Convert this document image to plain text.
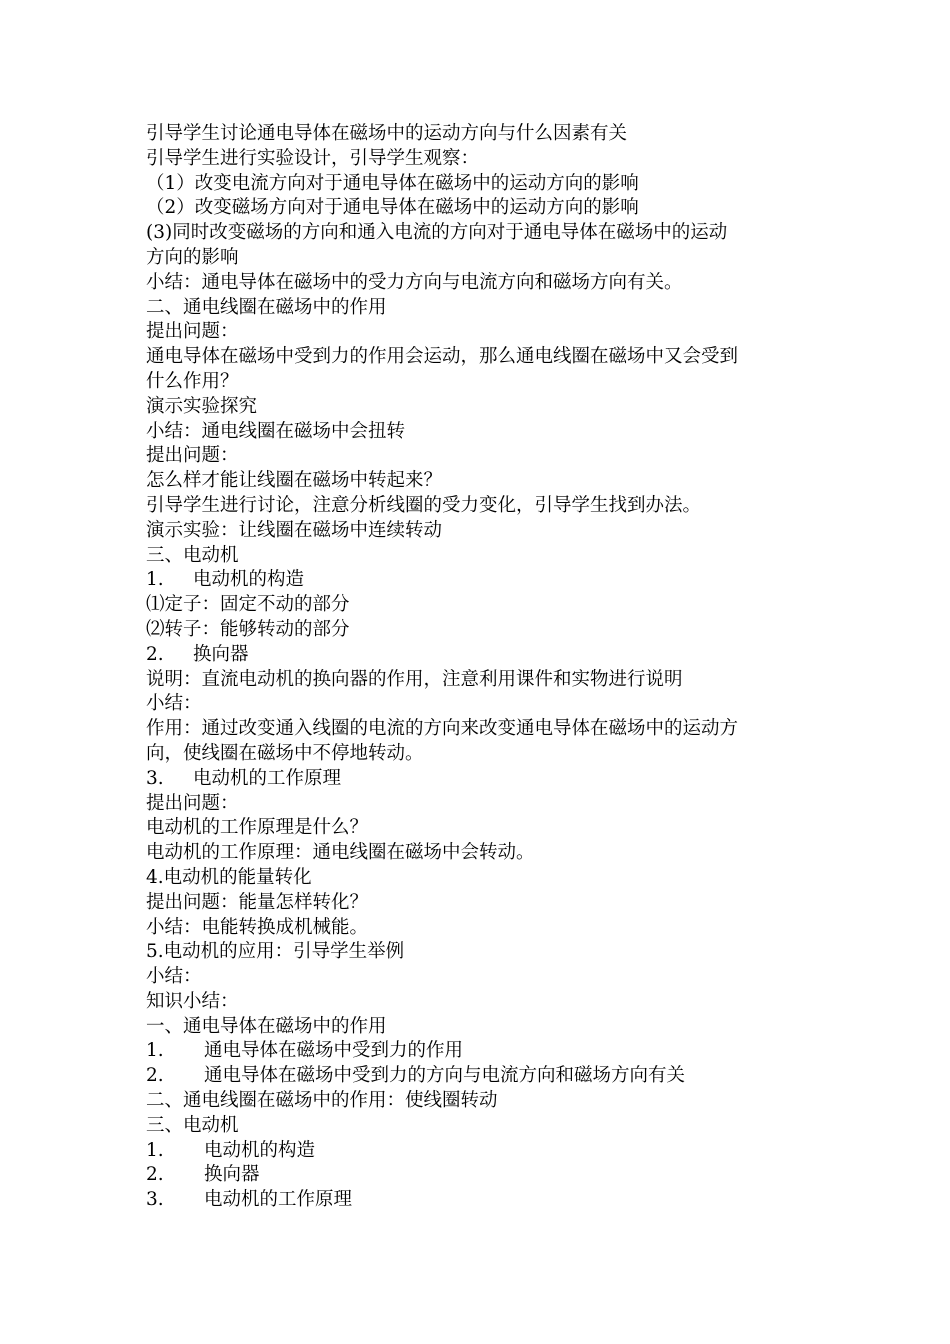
引导学生讨论通电导体在磁场中的运动方向与什么因素有关
引导学生进行实验设计，引导学生观察：
（1）改变电流方向对于通电导体在磁场中的运动方向的影响
（2）改变磁场方向对于通电导体在磁场中的运动方向的影响
(3)同时改变磁场的方向和通入电流的方向对于通电导体在磁场中的运动
方向的影响
小结：通电导体在磁场中的受力方向与电流方向和磁场方向有关。
二、通电线圈在磁场中的作用
提出问题：
通电导体在磁场中受到力的作用会运动，那么通电线圈在磁场中又会受到
什么作用？
演示实验探究
小结：通电线圈在磁场中会扭转
提出问题：
怎么样才能让线圈在磁场中转起来？
引导学生进行讨论，注意分析线圈的受力变化，引导学生找到办法。
演示实验：让线圈在磁场中连续转动
三、电动机
1. 电动机的构造
⑴定子：固定不动的部分
⑵转子：能够转动的部分
2. 换向器
说明：直流电动机的换向器的作用，注意利用课件和实物进行说明
小结：
作用：通过改变通入线圈的电流的方向来改变通电导体在磁场中的运动方
向，使线圈在磁场中不停地转动。
3. 电动机的工作原理
提出问题：
电动机的工作原理是什么？
电动机的工作原理：通电线圈在磁场中会转动。
4.电动机的能量转化
提出问题：能量怎样转化？
小结：电能转换成机械能。
5.电动机的应用：引导学生举例
小结：
知识小结：
一、通电导体在磁场中的作用
1. 通电导体在磁场中受到力的作用
2. 通电导体在磁场中受到力的方向与电流方向和磁场方向有关
二、通电线圈在磁场中的作用：使线圈转动
三、电动机
1. 电动机的构造
2. 换向器
3. 电动机的工作原理
